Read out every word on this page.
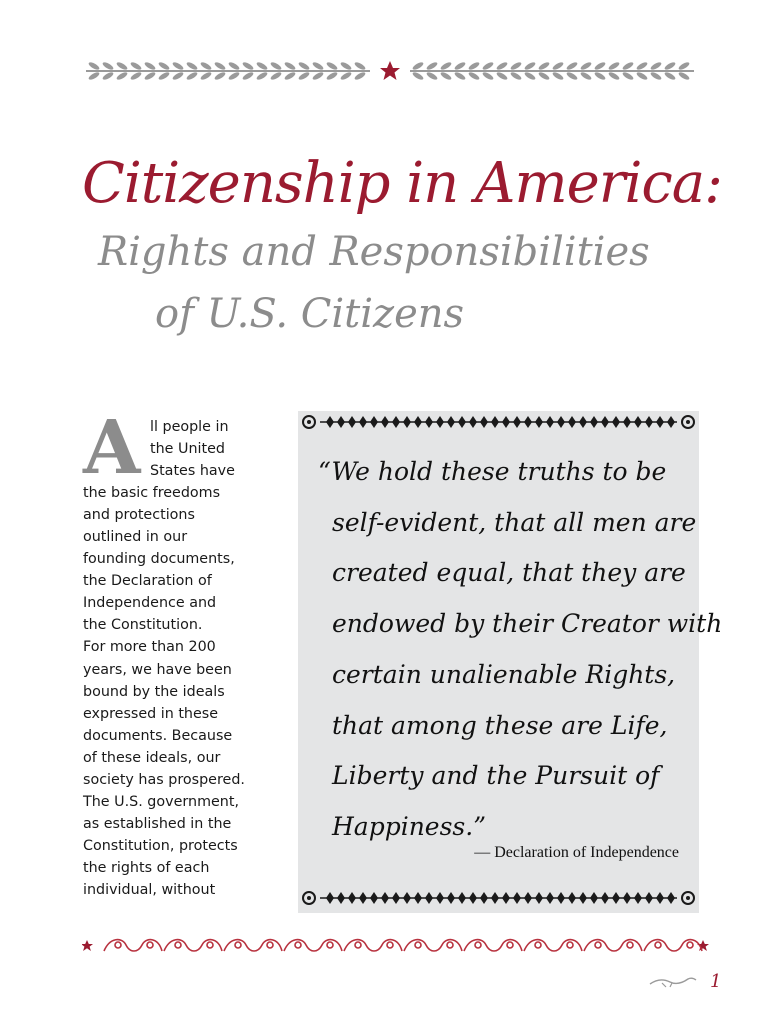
Citizenship in America:
Rights and Responsibilities
of U.S. Citizens
A ll people in
the United
States have
the basic freedoms
and protections
outlined in our
founding documents,
the Declaration of
Independence and
the Constitution.
For more than 200
years, we have been
bound by the ideals
expressed in these
documents. Because
of these ideals, our
society has prospered.
The U.S. government,
as established in the
Constitution, protects
the rights of each
individual, without
“We hold these truths to be
self-evident, that all men are
created equal, that they are
endowed by their Creator with
certain unalienable Rights,
that among these are Life,
Liberty and the Pursuit of
Happiness.”
— Declaration of Independence
1
